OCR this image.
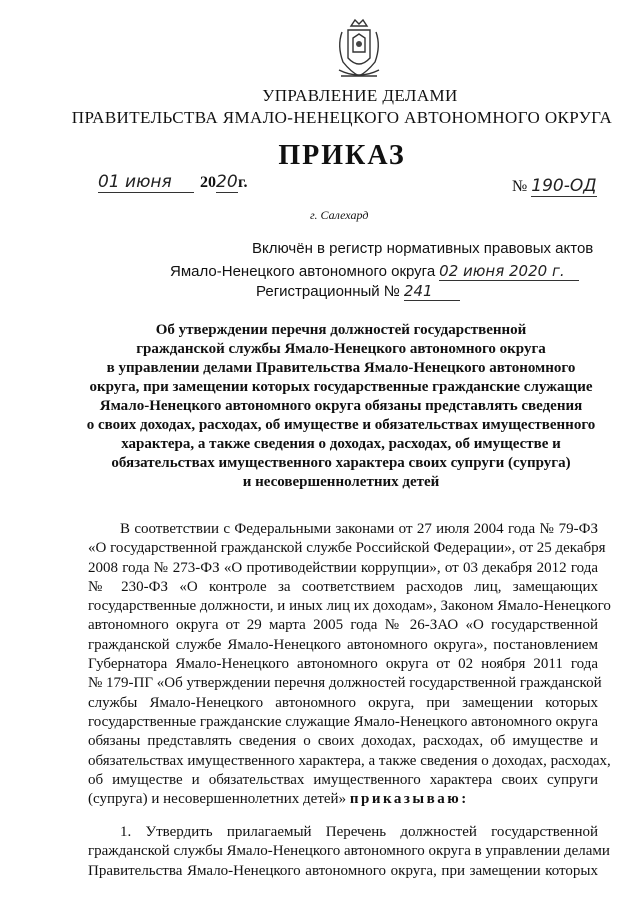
УПРАВЛЕНИЕ ДЕЛАМИ
ПРАВИТЕЛЬСТВА ЯМАЛО-НЕНЕЦКОГО АВТОНОМНОГО ОКРУГА
ПРИКАЗ
01 июня 2020г.	№ 190-ОД
г. Салехард
Включён в регистр нормативных правовых актов
Ямало-Ненецкого автономного округа 02 июня 2020 г.
Регистрационный № 241
Об утверждении перечня должностей государственной
гражданской службы Ямало-Ненецкого автономного округа
в управлении делами Правительства Ямало-Ненецкого автономного
округа, при замещении которых государственные гражданские служащие
Ямало-Ненецкого автономного округа обязаны представлять сведения
о своих доходах, расходах, об имуществе и обязательствах имущественного
характера, а также сведения о доходах, расходах, об имуществе и
обязательствах имущественного характера своих супруги (супруга)
и несовершеннолетних детей
В соответствии с Федеральными законами от 27 июля 2004 года № 79-ФЗ
«О государственной гражданской службе Российской Федерации», от 25 декабря
2008 года № 273-ФЗ «О противодействии коррупции», от 03 декабря 2012 года
№ 230-ФЗ «О контроле за соответствием расходов лиц, замещающих
государственные должности, и иных лиц их доходам», Законом Ямало-Ненецкого
автономного округа от 29 марта 2005 года № 26-ЗАО «О государственной
гражданской службе Ямало-Ненецкого автономного округа», постановлением
Губернатора Ямало-Ненецкого автономного округа от 02 ноября 2011 года
№ 179-ПГ «Об утверждении перечня должностей государственной гражданской
службы Ямало-Ненецкого автономного округа, при замещении которых
государственные гражданские служащие Ямало-Ненецкого автономного округа
обязаны представлять сведения о своих доходах, расходах, об имуществе и
обязательствах имущественного характера, а также сведения о доходах, расходах,
об имуществе и обязательствах имущественного характера своих супруги
(супруга) и несовершеннолетних детей» приказываю:
1. Утвердить прилагаемый Перечень должностей государственной
гражданской службы Ямало-Ненецкого автономного округа в управлении делами
Правительства Ямало-Ненецкого автономного округа, при замещении которых
